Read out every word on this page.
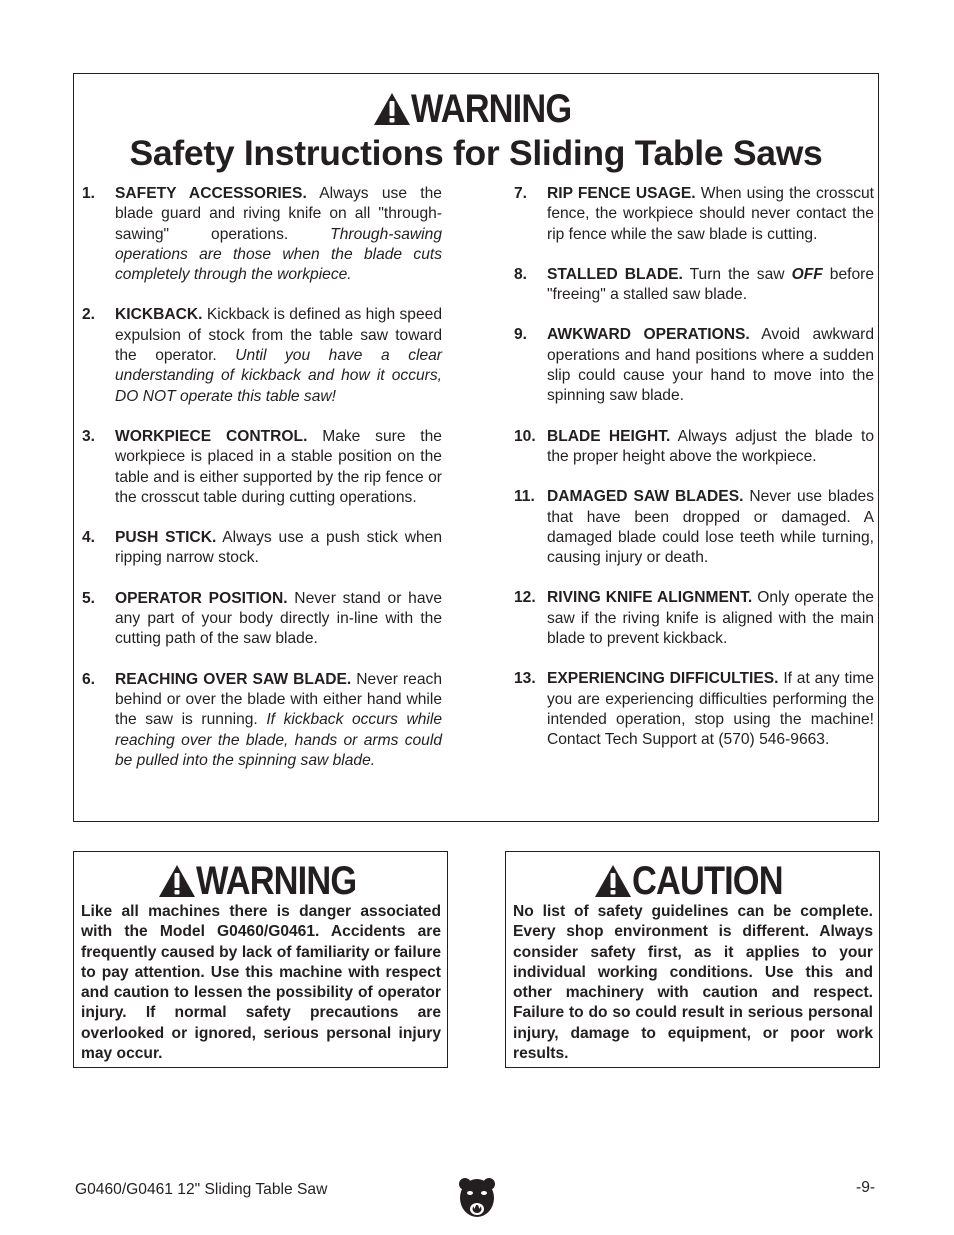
WARNING
Safety Instructions for Sliding Table Saws
1.	SAFETY ACCESSORIES. Always use the blade guard and riving knife on all "through-sawing" operations. Through-sawing operations are those when the blade cuts completely through the workpiece.
2.	KICKBACK. Kickback is defined as high speed expulsion of stock from the table saw toward the operator. Until you have a clear understanding of kickback and how it occurs, DO NOT operate this table saw!
3.	WORKPIECE CONTROL. Make sure the workpiece is placed in a stable position on the table and is either supported by the rip fence or the crosscut table during cutting operations.
4.	PUSH STICK. Always use a push stick when ripping narrow stock.
5.	OPERATOR POSITION. Never stand or have any part of your body directly in-line with the cutting path of the saw blade.
6.	REACHING OVER SAW BLADE. Never reach behind or over the blade with either hand while the saw is running. If kickback occurs while reaching over the blade, hands or arms could be pulled into the spinning saw blade.
7.	RIP FENCE USAGE. When using the crosscut fence, the workpiece should never contact the rip fence while the saw blade is cutting.
8.	STALLED BLADE. Turn the saw OFF before "freeing" a stalled saw blade.
9.	AWKWARD OPERATIONS. Avoid awkward operations and hand positions where a sudden slip could cause your hand to move into the spinning saw blade.
10. BLADE HEIGHT. Always adjust the blade to the proper height above the workpiece.
11. DAMAGED SAW BLADES. Never use blades that have been dropped or damaged. A damaged blade could lose teeth while turning, causing injury or death.
12. RIVING KNIFE ALIGNMENT. Only operate the saw if the riving knife is aligned with the main blade to prevent kickback.
13. EXPERIENCING DIFFICULTIES. If at any time you are experiencing difficulties performing the intended operation, stop using the machine! Contact Tech Support at (570) 546-9663.
WARNING
Like all machines there is danger associated with the Model G0460/G0461. Accidents are frequently caused by lack of familiarity or failure to pay attention. Use this machine with respect and caution to lessen the possibility of operator injury. If normal safety precautions are overlooked or ignored, serious personal injury may occur.
CAUTION
No list of safety guidelines can be complete. Every shop environment is different. Always consider safety first, as it applies to your individual working conditions. Use this and other machinery with caution and respect. Failure to do so could result in serious personal injury, damage to equipment, or poor work results.
G0460/G0461 12" Sliding Table Saw	-9-
